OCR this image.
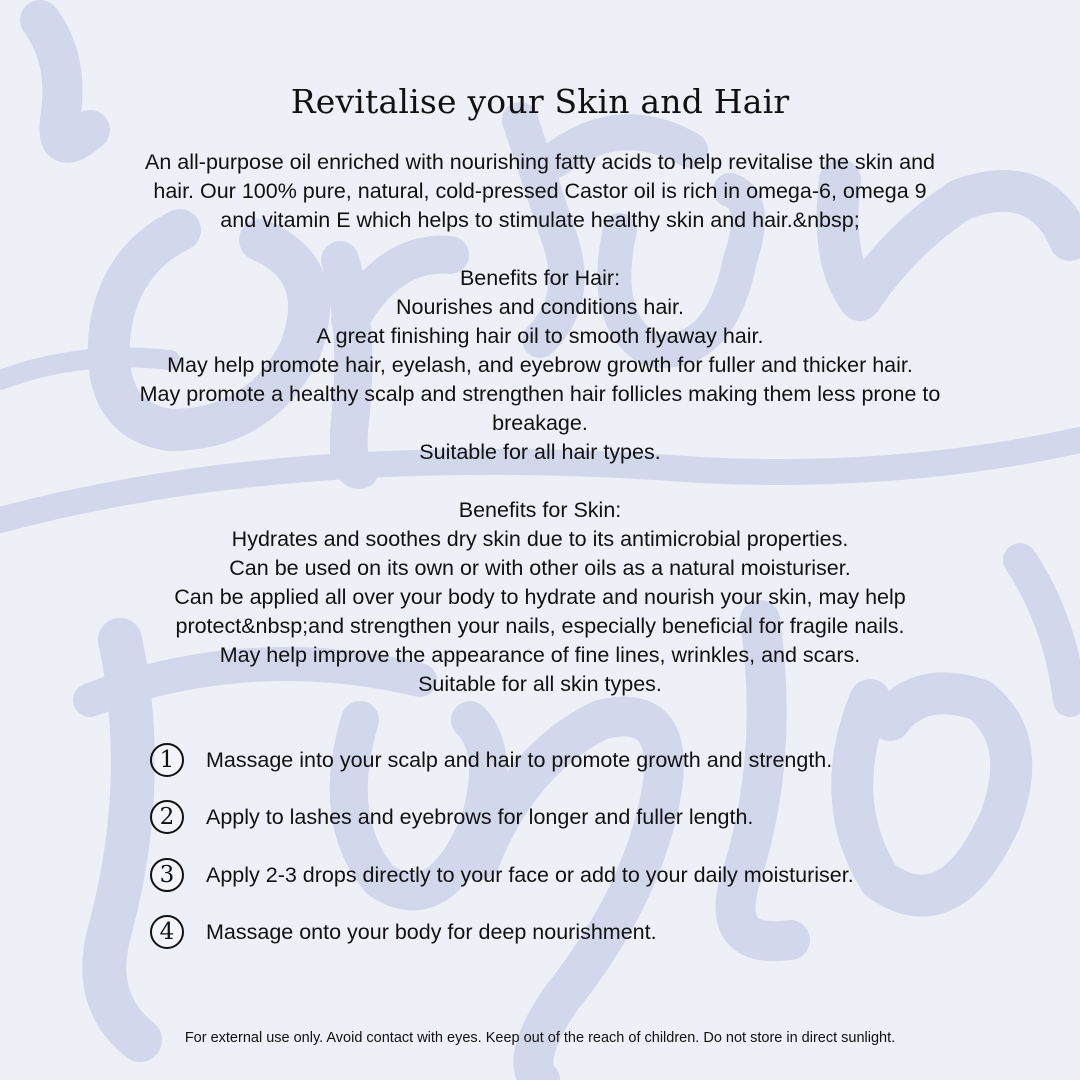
Revitalise your Skin and Hair
An all-purpose oil enriched with nourishing fatty acids to help revitalise the skin and
hair. Our 100% pure, natural, cold-pressed Castor oil is rich in omega-6, omega 9
and vitamin E which helps to stimulate healthy skin and hair.&nbsp;
Benefits for Hair:
Nourishes and conditions hair.
A great finishing hair oil to smooth flyaway hair.
May help promote hair, eyelash, and eyebrow growth for fuller and thicker hair.
May promote a healthy scalp and strengthen hair follicles making them less prone to
breakage.
Suitable for all hair types.
Benefits for Skin:
Hydrates and soothes dry skin due to its antimicrobial properties.
Can be used on its own or with other oils as a natural moisturiser.
Can be applied all over your body to hydrate and nourish your skin, may help
protect&nbsp;and strengthen your nails, especially beneficial for fragile nails.
May help improve the appearance of fine lines, wrinkles, and scars.
Suitable for all skin types.
1	Massage into your scalp and hair to promote growth and strength.
2	Apply to lashes and eyebrows for longer and fuller length.
3	Apply 2-3 drops directly to your face or add to your daily moisturiser.
4	Massage onto your body for deep nourishment.
For external use only. Avoid contact with eyes. Keep out of the reach of children. Do not store in direct sunlight.
